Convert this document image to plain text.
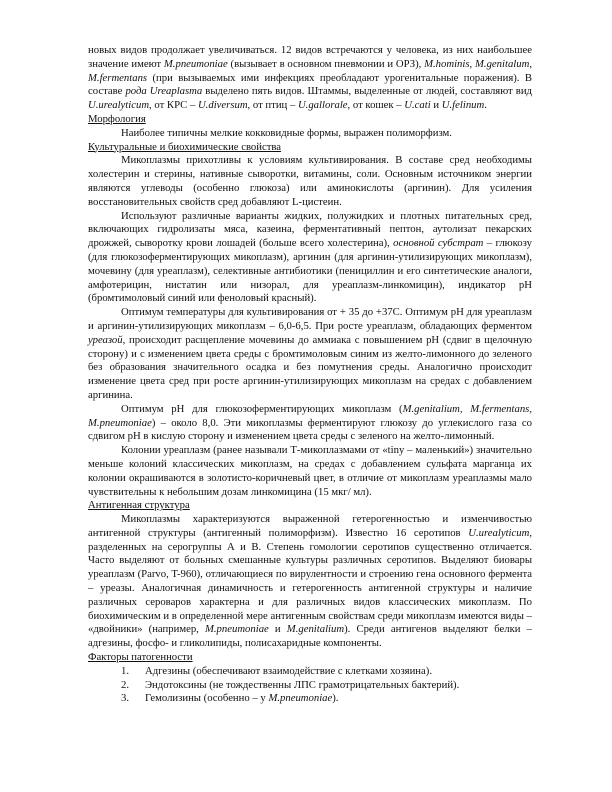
новых видов продолжает увеличиваться. 12 видов встречаются у человека, из них наибольшее значение имеют M.pneumoniae (вызывает в основном пневмонии и ОРЗ), M.hominis, M.genitalum, M.fermentans (при вызываемых ими инфекциях преобладают урогенитальные поражения). В составе рода Ureaplasma выделено пять видов. Штаммы, выделенные от людей, составляют вид U.urealyticum, от КРС – U.diversum, от птиц – U.gallorale, от кошек – U.cati и U.felinum.

Морфология

Наиболее типичны мелкие кокковидные формы, выражен полиморфизм.

Культуральные и биохимические свойства

Микоплазмы прихотливы к условиям культивирования. В составе сред необходимы холестерин и стерины, нативные сыворотки, витамины, соли. Основным источником энергии являются углеводы (особенно глюкоза) или аминокислоты (аргинин). Для усиления восстановительных свойств сред добавляют L-цистеин.

Используют различные варианты жидких, полужидких и плотных питательных сред, включающих гидролизаты мяса, казеина, ферментативный пептон, аутолизат пекарских дрожжей, сыворотку крови лошадей (больше всего холестерина), основной субстрат – глюкозу (для глюкозоферментирующих микоплазм), аргинин (для аргинин-утилизирующих микоплазм), мочевину (для уреаплазм), селективные антибиотики (пенициллин и его синтетические аналоги, амфотерицин, нистатин или низорал, для уреаплазм-линкомицин), индикатор рН (бромтимоловый синий или феноловый красный).

Оптимум температуры для культивирования от + 35 до +37С. Оптимум рН для уреаплазм и аргинин-утилизирующих микоплазм – 6,0-6,5. При росте уреаплазм, обладающих ферментом уреазой, происходит расщепление мочевины до аммиака с повышением рН (сдвиг в щелочную сторону) и с изменением цвета среды с бромтимоловым синим из желто-лимонного до зеленого без образования значительного осадка и без помутнения среды. Аналогично происходит изменение цвета сред при росте аргинин-утилизирующих микоплазм на средах с добавлением аргинина.

Оптимум рН для глюкозоферментирующих микоплазм (M.genitalium, M.fermentans, M.pneumoniae) – около 8,0. Эти микоплазмы ферментируют глюкозу до углекислого газа со сдвигом рН в кислую сторону и изменением цвета среды с зеленого на желто-лимонный.

Колонии уреаплазм (ранее называли Т-микоплазмами от «tiny – маленький») значительно меньше колоний классических микоплазм, на средах с добавлением сульфата марганца их колонии окрашиваются в золотисто-коричневый цвет, в отличие от микоплазм уреаплазмы мало чувствительны к небольшим дозам линкомицина (15 мкг/ мл).

Антигенная структура

Микоплазмы характеризуются выраженной гетерогенностью и изменчивостью антигенной структуры (антигенный полиморфизм). Известно 16 серотипов U.urealyticum, разделенных на серогруппы А и В. Степень гомологии серотипов существенно отличается. Часто выделяют от больных смешанные культуры различных серотипов. Выделяют биовары уреаплазм (Parvo, T-960), отличающиеся по вирулентности и строению гена основного фермента – уреазы. Аналогичная динамичность и гетерогенность антигенной структуры и наличие различных сероваров характерна и для различных видов классических микоплазм. По биохимическим и в определенной мере антигенным свойствам среди микоплазм имеются виды – «двойники» (например, M.pneumoniae и M.genitalium). Среди антигенов выделяют белки – адгезины, фосфо- и гликолипиды, полисахаридные компоненты.

Факторы патогенности

1.	Адгезины (обеспечивают взаимодействие с клетками хозяина).
2.	Эндотоксины (не тождественны ЛПС грамотрицательных бактерий).
3.	Гемолизины (особенно – у M.pneumoniae).
